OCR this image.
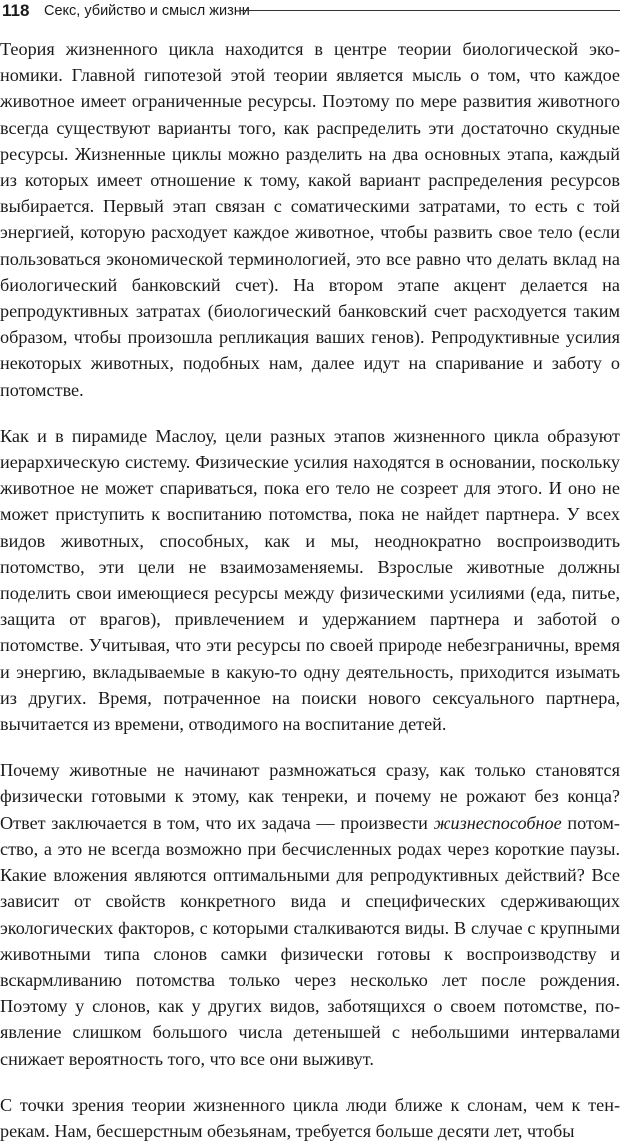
118 Секс, убийство и смысл жизни

Теория жизненного цикла находится в центре теории биологической экономики. Главной гипотезой этой теории является мысль о том, что каждое животное имеет ограниченные ресурсы. Поэтому по мере развития животного всегда существуют варианты того, как распределить эти достаточно скудные ресурсы. Жизненные циклы можно разделить на два основных этапа, каждый из которых имеет отношение к тому, какой вариант распределения ресурсов выбирается. Первый этап связан с соматическими затратами, то есть с той энергией, которую расходует каждое животное, чтобы развить свое тело (если пользоваться экономической терминологией, это все равно что делать вклад на биологический банковский счет). На втором этапе акцент делается на репродуктивных затратах (биологический банковский счет расходуется таким образом, чтобы произошла репликация ваших генов). Репродуктивные усилия некоторых животных, подобных нам, далее идут на спаривание и заботу о потомстве.

Как и в пирамиде Маслоу, цели разных этапов жизненного цикла образуют иерархическую систему. Физические усилия находятся в основании, поскольку животное не может спариваться, пока его тело не созреет для этого. И оно не может приступить к воспитанию потомства, пока не найдет партнера. У всех видов животных, способных, как и мы, неоднократно воспроизводить потомство, эти цели не взаимозаменяемы. Взрослые животные должны поделить свои имеющиеся ресурсы между физическими усилиями (еда, питье, защита от врагов), привлечением и удержанием партнера и заботой о потомстве. Учитывая, что эти ресурсы по своей природе небезграничны, время и энергию, вкладываемые в какую-то одну деятельность, приходится изымать из других. Время, потраченное на поиски нового сексуального партнера, вычитается из времени, отводимого на воспитание детей.

Почему животные не начинают размножаться сразу, как только становятся физически готовыми к этому, как тенреки, и почему не рожают без конца? Ответ заключается в том, что их задача — произвести жизнеспособное потомство, а это не всегда возможно при бесчисленных родах через короткие паузы. Какие вложения являются оптимальными для репродуктивных действий? Все зависит от свойств конкретного вида и специфических сдерживающих экологических факторов, с которыми сталкиваются виды. В случае с крупными животными типа слонов самки физически готовы к воспроизводству и вскармливанию потомства только через несколько лет после рождения. Поэтому у слонов, как у других видов, заботящихся о своем потомстве, появление слишком большого числа детенышей с небольшими интервалами снижает вероятность того, что все они выживут.

С точки зрения теории жизненного цикла люди ближе к слонам, чем к тенрекам. Нам, бесшерстным обезьянам, требуется больше десяти лет, чтобы
